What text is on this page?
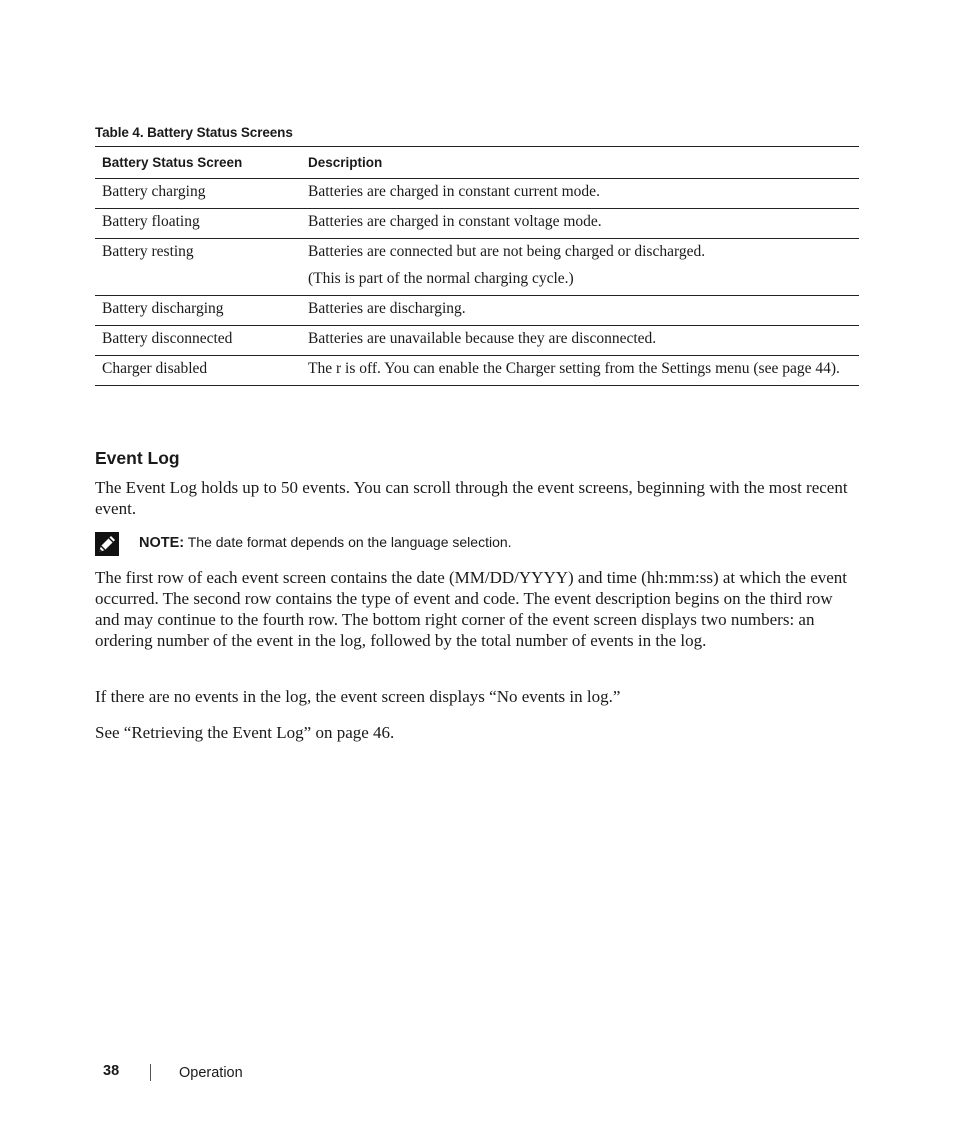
Table 4. Battery Status Screens
Battery Status Screen	Description
Battery charging	Batteries are charged in constant current mode.

Battery floating	Batteries are charged in constant voltage mode.

Battery resting	Batteries are connected but are not being charged or discharged.

(This is part of the normal charging cycle.)

Battery discharging	Batteries are discharging.

Battery disconnected	Batteries are unavailable because they are disconnected.

Charger disabled	The r is off. You can enable the Charger setting from the Settings menu (see page 44).

Event Log

The Event Log holds up to 50 events. You can scroll through the event screens, beginning with the most recent event.

NOTE: The date format depends on the language selection.

The first row of each event screen contains the date (MM/DD/YYYY) and time (hh:mm:ss) at which the event occurred. The second row contains the type of event and code. The event description begins on the third row and may continue to the fourth row. The bottom right corner of the event screen displays two numbers: an ordering number of the event in the log, followed by the total number of events in the log.

If there are no events in the log, the event screen displays “No events in log.”

See “Retrieving the Event Log” on page 46.

38	Operation
